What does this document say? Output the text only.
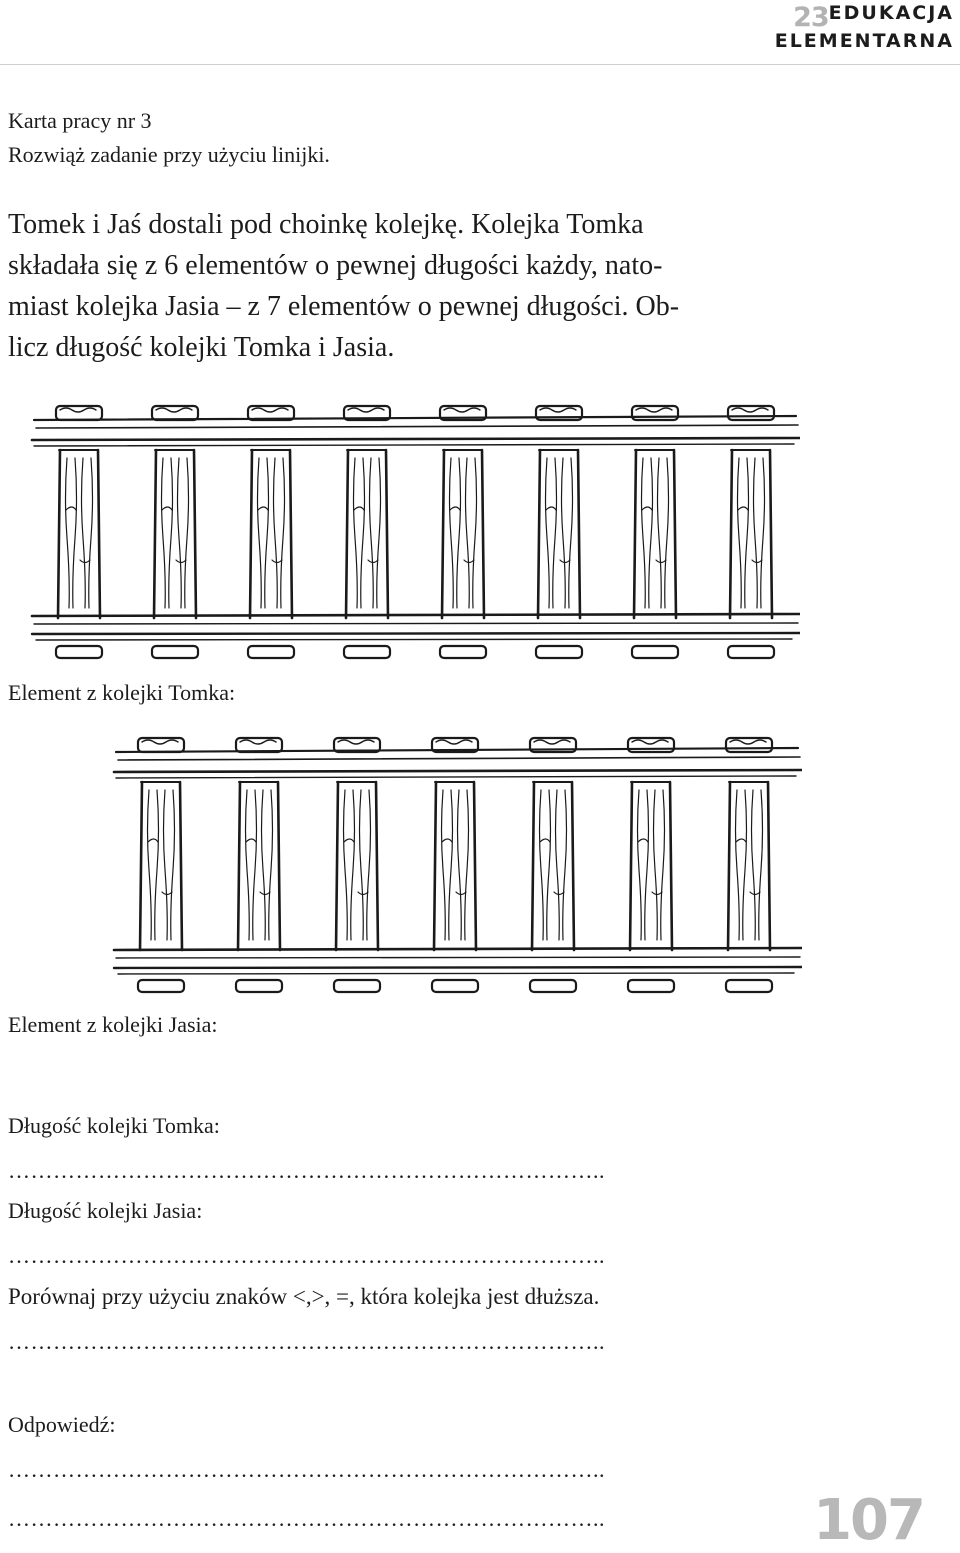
23EDUKACJA
ELEMENTARNA
Karta pracy nr 3
Rozwiąż zadanie przy użyciu linijki.
Tomek i Jaś dostali pod choinkę kolejkę. Kolejka Tomka
składała się z 6 elementów o pewnej długości każdy, nato-
miast kolejka Jasia – z 7 elementów o pewnej długości. Ob-
licz długość kolejki Tomka i Jasia.
Element z kolejki Tomka:
Element z kolejki Jasia:
Długość kolejki Tomka:
……………………………………………………………………..
Długość kolejki Jasia:
……………………………………………………………………..
Porównaj przy użyciu znaków <,>, =, która kolejka jest dłuższa.
……………………………………………………………………..
Odpowiedź:
……………………………………………………………………..
……………………………………………………………………..	107
